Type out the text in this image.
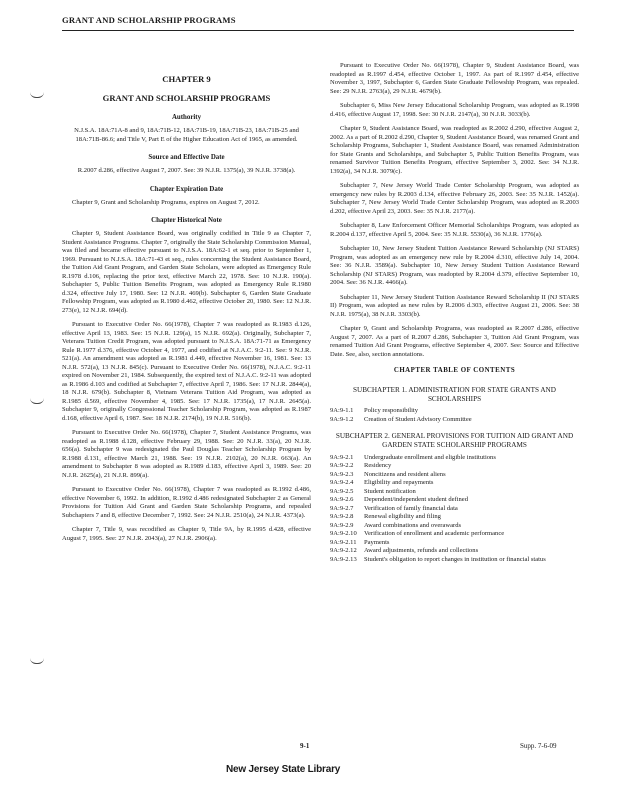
GRANT AND SCHOLARSHIP PROGRAMS
CHAPTER 9
GRANT AND SCHOLARSHIP PROGRAMS
Authority

N.J.S.A. 18A:71A-8 and 9, 18A:71B-12, 18A:71B-19, 18A:71B-23, 18A:71B-25 and 18A:71B-86.6; and Title V, Part E of the Higher Education Act of 1965, as amended.

Source and Effective Date

R.2007 d.286, effective August 7, 2007. See: 39 N.J.R. 1375(a), 39 N.J.R. 3738(a).

Chapter Expiration Date

Chapter 9, Grant and Scholarship Programs, expires on August 7, 2012.

Chapter Historical Note

Chapter 9, Student Assistance Board, was originally codified in Title 9 as Chapter 7, Student Assistance Programs. Chapter 7, originally the State Scholarship Commission Manual, was filed and became effective pursuant to N.J.S.A. 18A:62-1 et seq. prior to September 1, 1969. Pursuant to N.J.S.A. 18A:71-43 et seq., rules concerning the Student Assistance Board, the Tuition Aid Grant Program, and Garden State Scholars, were adopted as Emergency Rule R.1978 d.106, replacing the prior text, effective March 22, 1978. See: 10 N.J.R. 190(a). Subchapter 5, Public Tuition Benefits Program, was adopted as Emergency Rule R.1980 d.324, effective July 17, 1980. See: 12 N.J.R. 469(b). Subchapter 6, Garden State Graduate Fellowship Program, was adopted as R.1980 d.462, effective October 20, 1980. See: 12 N.J.R. 273(e), 12 N.J.R. 694(d).

Pursuant to Executive Order No. 66(1978), Chapter 7 was readopted as R.1983 d.126, effective April 13, 1983. See: 15 N.J.R. 129(a), 15 N.J.R. 692(a). Originally, Subchapter 7, Veterans Tuition Credit Program, was adopted pursuant to N.J.S.A. 18A:71-71 as Emergency Rule R.1977 d.376, effective October 4, 1977, and codified at N.J.A.C. 9:2-11. See: 9 N.J.R. 521(a). An amendment was adopted as R.1981 d.449, effective November 16, 1981. See: 13 N.J.R. 572(a), 13 N.J.R. 845(c). Pursuant to Executive Order No. 66(1978), N.J.A.C. 9:2-11 expired on November 21, 1984. Subsequently, the expired text of N.J.A.C. 9:2-11 was adopted as R.1986 d.103 and codified at Subchapter 7, effective April 7, 1986. See: 17 N.J.R. 2844(a), 18 N.J.R. 679(b). Subchapter 8, Vietnam Veterans Tuition Aid Program, was adopted as R.1985 d.569, effective November 4, 1985. See: 17 N.J.R. 1735(a), 17 N.J.R. 2645(a). Subchapter 9, originally Congressional Teacher Scholarship Program, was adopted as R.1987 d.168, effective April 6, 1987. See: 18 N.J.R. 2174(b), 19 N.J.R. 516(b).

Pursuant to Executive Order No. 66(1978), Chapter 7, Student Assistance Programs, was readopted as R.1988 d.128, effective February 29, 1988. See: 20 N.J.R. 33(a), 20 N.J.R. 656(a). Subchapter 9 was redesignated the Paul Douglas Teacher Scholarship Program by R.1988 d.131, effective March 21, 1988. See: 19 N.J.R. 2102(a), 20 N.J.R. 663(a). An amendment to Subchapter 8 was adopted as R.1989 d.183, effective April 3, 1989. See: 20 N.J.R. 2625(a), 21 N.J.R. 899(a).

Pursuant to Executive Order No. 66(1978), Chapter 7 was readopted as R.1992 d.486, effective November 6, 1992. In addition, R.1992 d.486 redesignated Subchapter 2 as General Provisions for Tuition Aid Grant and Garden State Scholarship Programs, and repealed Subchapters 7 and 8, effective December 7, 1992. See: 24 N.J.R. 2510(a), 24 N.J.R. 4373(a).

Chapter 7, Title 9, was recodified as Chapter 9, Title 9A, by R.1995 d.428, effective August 7, 1995. See: 27 N.J.R. 2043(a), 27 N.J.R. 2906(a).

Pursuant to Executive Order No. 66(1978), Chapter 9, Student Assistance Board, was readopted as R.1997 d.454, effective October 1, 1997. As part of R.1997 d.454, effective November 3, 1997, Subchapter 6, Garden State Graduate Fellowship Program, was repealed. See: 29 N.J.R. 2763(a), 29 N.J.R. 4679(b).

Subchapter 6, Miss New Jersey Educational Scholarship Program, was adopted as R.1998 d.416, effective August 17, 1998. See: 30 N.J.R. 2147(a), 30 N.J.R. 3033(b).

Chapter 9, Student Assistance Board, was readopted as R.2002 d.290, effective August 2, 2002. As a part of R.2002 d.290, Chapter 9, Student Assistance Board, was renamed Grant and Scholarship Programs, Subchapter 1, Student Assistance Board, was renamed Administration for State Grants and Scholarships, and Subchapter 5, Public Tuition Benefits Program, was renamed Survivor Tuition Benefits Program, effective September 3, 2002. See: 34 N.J.R. 1392(a), 34 N.J.R. 3079(c).

Subchapter 7, New Jersey World Trade Center Scholarship Program, was adopted as emergency new rules by R.2003 d.134, effective February 26, 2003. See: 35 N.J.R. 1452(a). Subchapter 7, New Jersey World Trade Center Scholarship Program, was adopted as R.2003 d.202, effective April 23, 2003. See: 35 N.J.R. 2177(a).

Subchapter 8, Law Enforcement Officer Memorial Scholarships Program, was adopted as R.2004 d.137, effective April 5, 2004. See: 35 N.J.R. 5530(a), 36 N.J.R. 1776(a).

Subchapter 10, New Jersey Student Tuition Assistance Reward Scholarship (NJ STARS) Program, was adopted as an emergency new rule by R.2004 d.310, effective July 14, 2004. See: 36 N.J.R. 3589(a). Subchapter 10, New Jersey Student Tuition Assistance Reward Scholarship (NJ STARS) Program, was readopted by R.2004 d.379, effective September 10, 2004. See: 36 N.J.R. 4466(a).

Subchapter 11, New Jersey Student Tuition Assistance Reward Scholarship II (NJ STARS II) Program, was adopted as new rules by R.2006 d.303, effective August 21, 2006. See: 38 N.J.R. 1975(a), 38 N.J.R. 3303(b).

Chapter 9, Grant and Scholarship Programs, was readopted as R.2007 d.286, effective August 7, 2007. As a part of R.2007 d.286, Subchapter 3, Tuition Aid Grant Program, was renamed Tuition Aid Grant Programs, effective September 4, 2007. See: Source and Effective Date. See, also, section annotations.

CHAPTER TABLE OF CONTENTS
SUBCHAPTER 1. ADMINISTRATION FOR STATE GRANTS AND SCHOLARSHIPS
9A:9-1.1	Policy responsibility
9A:9-1.2	Creation of Student Advisory Committee
SUBCHAPTER 2. GENERAL PROVISIONS FOR TUITION AID GRANT AND GARDEN STATE SCHOLARSHIP PROGRAMS
9A:9-2.1	Undergraduate enrollment and eligible institutions
9A:9-2.2	Residency
9A:9-2.3	Noncitizens and resident aliens
9A:9-2.4	Eligibility and repayments
9A:9-2.5	Student notification
9A:9-2.6	Dependent/independent student defined
9A:9-2.7	Verification of family financial data
9A:9-2.8	Renewal eligibility and filing
9A:9-2.9	Award combinations and overawards
9A:9-2.10	Verification of enrollment and academic performance
9A:9-2.11	Payments
9A:9-2.12	Award adjustments, refunds and collections
9A:9-2.13	Student's obligation to report changes in institution or financial status
9-1	Supp. 7-6-09
New Jersey State Library
